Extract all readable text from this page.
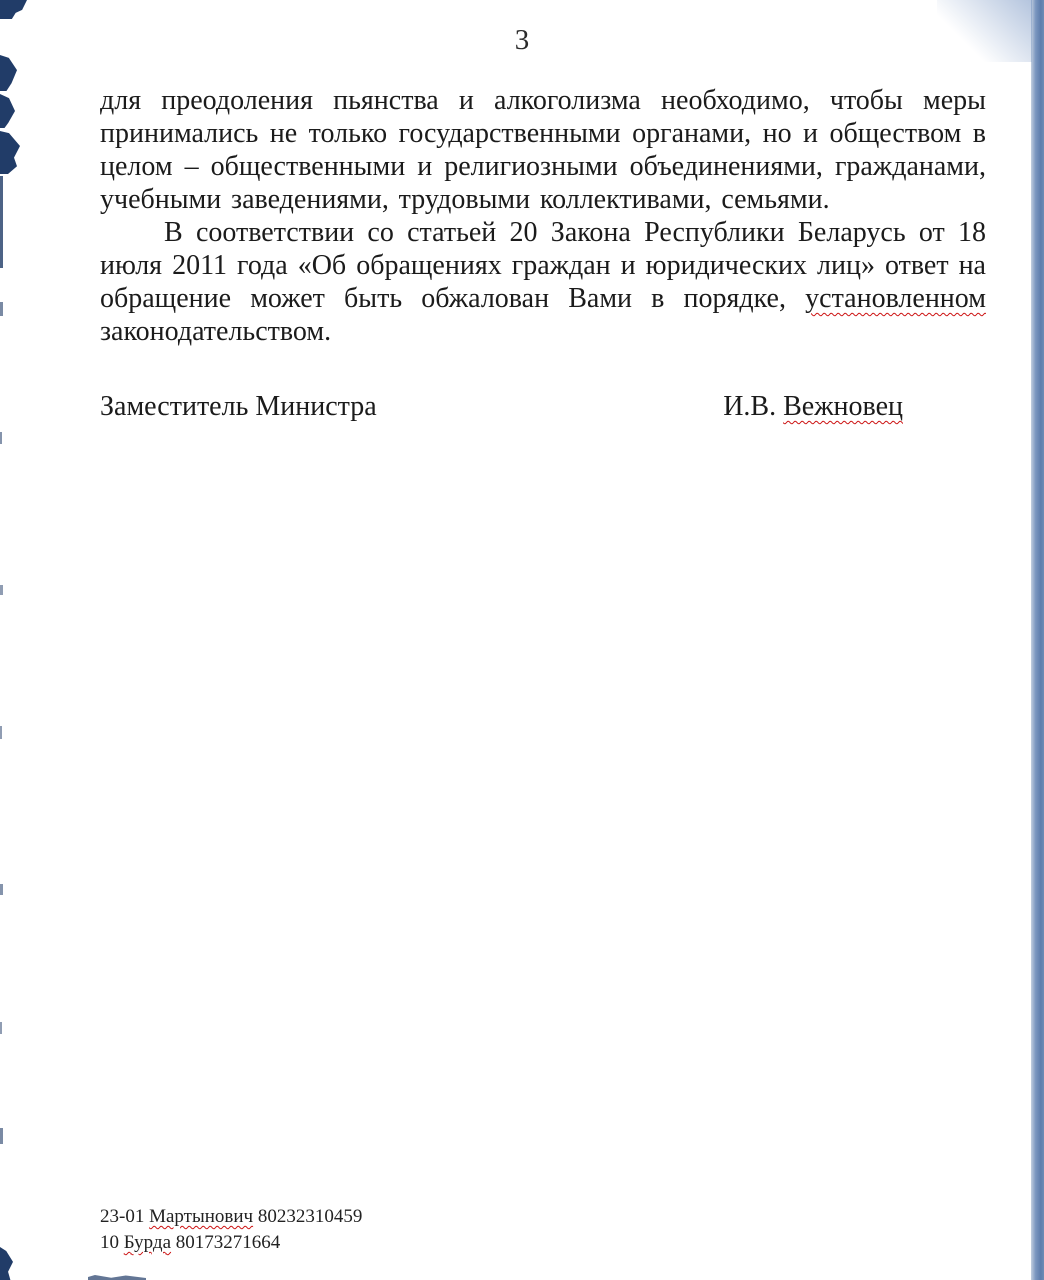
3

для преодоления пьянства и алкоголизма необходимо, чтобы меры принимались не только государственными органами, но и обществом в целом – общественными и религиозными объединениями, гражданами, учебными заведениями, трудовыми коллективами, семьями.

В соответствии со статьей 20 Закона Республики Беларусь от 18 июля 2011 года «Об обращениях граждан и юридических лиц» ответ на обращение может быть обжалован Вами в порядке, установленном законодательством.

Заместитель Министра	И.В. Вежновец
23-01 Мартынович 80232310459
10 Бурда 80173271664
